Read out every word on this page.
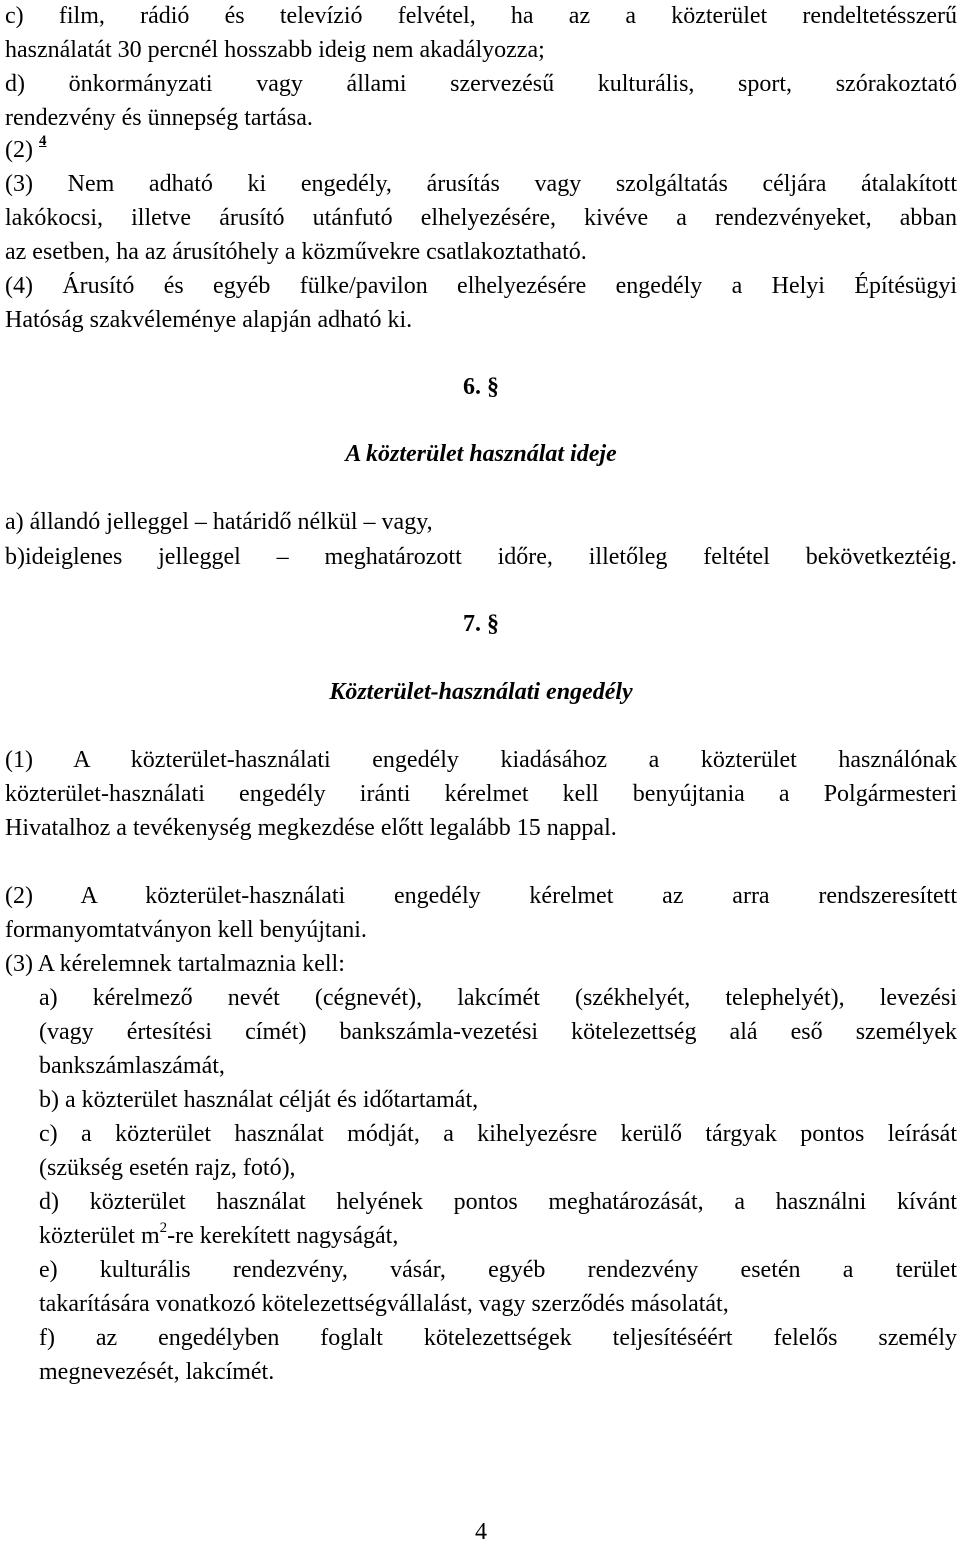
c) film, rádió és televízió felvétel, ha az a közterület rendeltetésszerű
használatát 30 percnél hosszabb ideig nem akadályozza;
d) önkormányzati vagy állami szervezésű kulturális, sport, szórakoztató
rendezvény és ünnepség tartása.
(2) $^4$
(3) Nem adható ki engedély, árusítás vagy szolgáltatás céljára átalakított
lakókocsi, illetve árusító utánfutó elhelyezésére, kivéve a rendezvényeket, abban
az esetben, ha az árusítóhely a közművekre csatlakoztatható.
(4) Árusító és egyéb fülke/pavilon elhelyezésére engedély a Helyi Építésügyi
Hatóság szakvéleménye alapján adható ki.
6. §
A közterület használat ideje
a) állandó jelleggel – határidő nélkül – vagy,
b)ideiglenes jelleggel – meghatározott időre, illetőleg feltétel bekövetkeztéig.
7. §
Közterület-használati engedély
(1) A közterület-használati engedély kiadásához a közterület használónak
közterület-használati engedély iránti kérelmet kell benyújtania a Polgármesteri
Hivatalhoz a tevékenység megkezdése előtt legalább 15 nappal.
(2) A közterület-használati engedély kérelmet az arra rendszeresített
formanyomtatványon kell benyújtani.
(3) A kérelemnek tartalmaznia kell:
a) kérelmező nevét (cégnevét), lakcímét (székhelyét, telephelyét), levezési
(vagy értesítési címét) bankszámla-vezetési kötelezettség alá eső személyek
bankszámlaszámát,
b) a közterület használat célját és időtartamát,
c) a közterület használat módját, a kihelyezésre kerülő tárgyak pontos leírását
(szükség esetén rajz, fotó),
d) közterület használat helyének pontos meghatározását, a használni kívánt
közterület $m^2-re$ kerekített nagyságát,
e) kulturális rendezvény, vásár, egyéb rendezvény esetén a terület
takarítására vonatkozó kötelezettségvállalást, vagy szerződés másolatát,
f) az engedélyben foglalt kötelezettségek teljesítéséért felelős személy
megnevezését, lakcímét.
4
